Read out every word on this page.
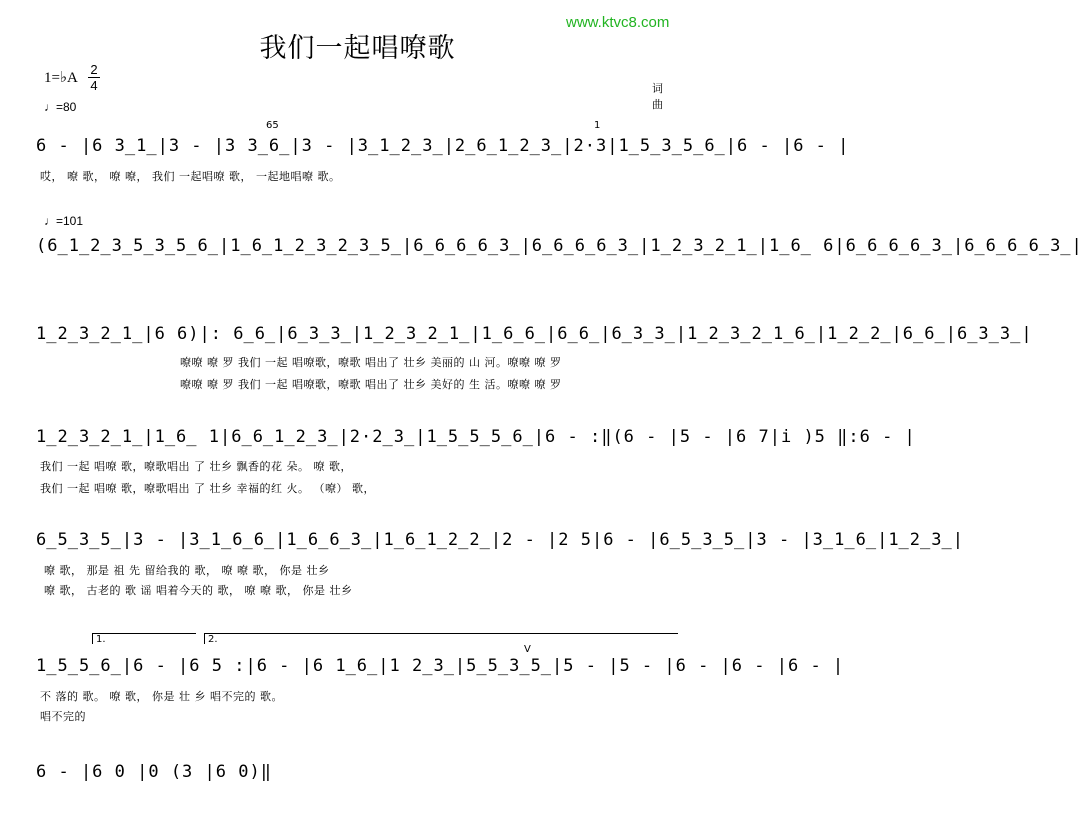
www.ktvc8.com
我们一起唱嘹歌
1=♭A
2
4
♩=80
词
曲
65	1
6 - |6 3̲1̲|3 - |3 3̲6̲|3 - |3̲1̲2̲3̲|2̲6̲1̲2̲3̲|2·3|1̲5̲3̲5̲6̲|6 - |6 - |
哎， 嘹 歌， 嘹 嘹， 我们 一起唱嘹 歌， 一起地唱嘹 歌。
♩=101
(6̲1̲2̲3̲5̲3̲5̲6̲|1̲6̲1̲2̲3̲2̲3̲5̲|6̲6̲6̲6̲3̲|6̲6̲6̲6̲3̲|1̲2̲3̲2̲1̲|1̲6̲ 6|6̲6̲6̲6̲3̲|6̲6̲6̲6̲3̲|
1̲2̲3̲2̲1̲|6 6)|: 6̲6̲|6̲3̲3̲|1̲2̲3̲2̲1̲|1̲6̲6̲|6̲6̲|6̲3̲3̲|1̲2̲3̲2̲1̲6̲|1̲2̲2̲|6̲6̲|6̲3̲3̲|
嘹嘹 嘹 罗 我们 一起 唱嘹歌，嘹歌 唱出了 壮乡 美丽的 山 河。嘹嘹 嘹 罗
嘹嘹 嘹 罗 我们 一起 唱嘹歌，嘹歌 唱出了 壮乡 美好的 生 活。嘹嘹 嘹 罗
1̲2̲3̲2̲1̲|1̲6̲ 1|6̲6̲1̲2̲3̲|2·2̲3̲|1̲5̲5̲5̲6̲|6 - :‖(6 - |5 - |6 7|i )5 ‖:6 - |
我们 一起 唱嘹 歌，嘹歌唱出 了 壮乡 飘香的花 朵。 嘹 歌，
我们 一起 唱嘹 歌，嘹歌唱出 了 壮乡 幸福的红 火。 （嘹） 歌，
6̲5̲3̲5̲|3 - |3̲1̲6̲6̲|1̲6̲6̲3̲|1̲6̲1̲2̲2̲|2 - |2 5|6 - |6̲5̲3̲5̲|3 - |3̲1̲6̲|1̲2̲3̲|
嘹 歌， 那是 祖 先 留给我的 歌， 嘹 嘹 歌， 你是 壮乡
嘹 歌， 古老的 歌 谣 唱着今天的 歌， 嘹 嘹 歌， 你是 壮乡
1.	2.
V
1̲5̲5̲6̲|6 - |6 5 :|6 - |6 1̲6̲|1 2̲3̲|5̲5̲3̲5̲|5 - |5 - |6 - |6 - |6 - |
不 落的 歌。 嘹 歌， 你是 壮 乡 唱不完的 歌。
唱不完的
6 - |6 0 |0 (3 |6 0)‖
